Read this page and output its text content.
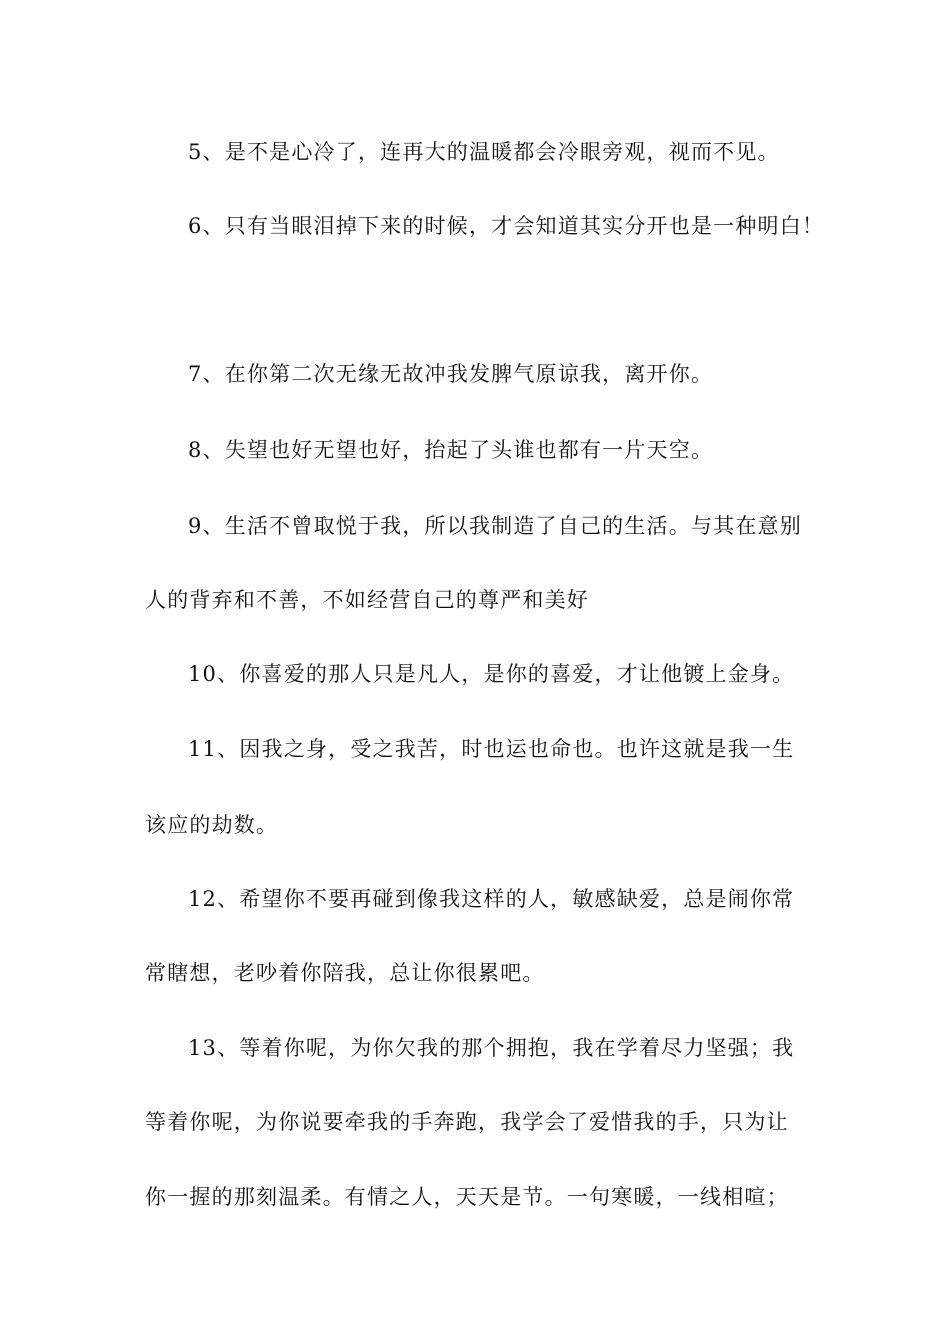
5、是不是心冷了，连再大的温暖都会冷眼旁观，视而不见。
6、只有当眼泪掉下来的时候，才会知道其实分开也是一种明白！
7、在你第二次无缘无故冲我发脾气原谅我，离开你。
8、失望也好无望也好，抬起了头谁也都有一片天空。
9、生活不曾取悦于我，所以我制造了自己的生活。与其在意别
人的背弃和不善，不如经营自己的尊严和美好
10、你喜爱的那人只是凡人，是你的喜爱，才让他镀上金身。
11、因我之身，受之我苦，时也运也命也。也许这就是我一生
该应的劫数。
12、希望你不要再碰到像我这样的人，敏感缺爱，总是闹你常
常瞎想，老吵着你陪我，总让你很累吧。
13、等着你呢，为你欠我的那个拥抱，我在学着尽力坚强；我
等着你呢，为你说要牵我的手奔跑，我学会了爱惜我的手，只为让
你一握的那刻温柔。有情之人，天天是节。一句寒暖，一线相喧；
